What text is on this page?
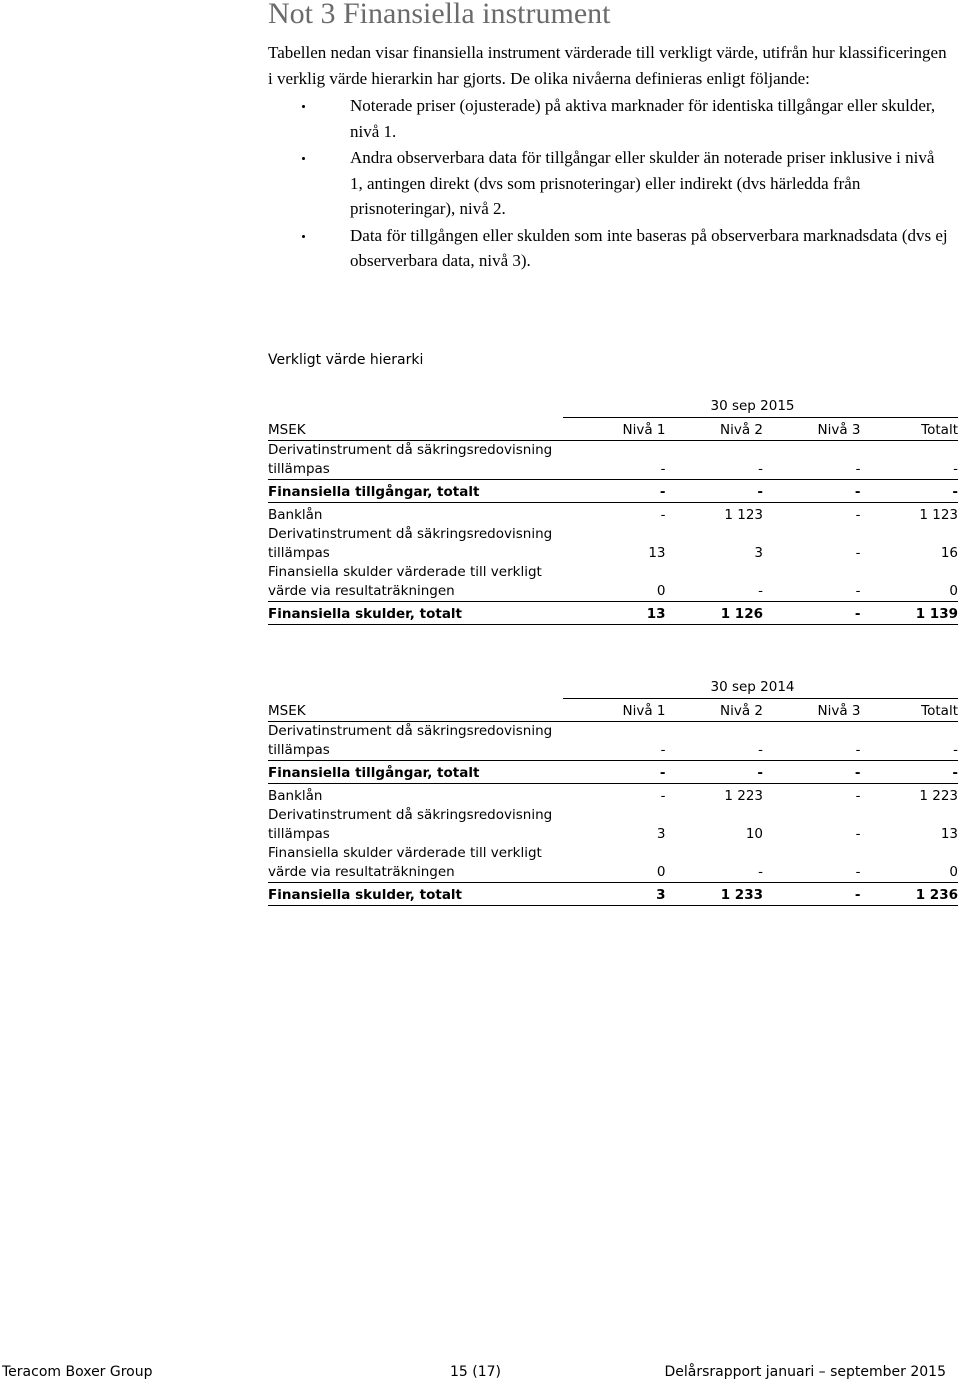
Not 3 Finansiella instrument

Tabellen nedan visar finansiella instrument värderade till verkligt värde, utifrån hur klassificeringen i verklig värde hierarkin har gjorts. De olika nivåerna definieras enligt följande:

Noterade priser (ojusterade) på aktiva marknader för identiska tillgångar eller skulder, nivå 1.
Andra observerbara data för tillgångar eller skulder än noterade priser inklusive i nivå 1, antingen direkt (dvs som prisnoteringar) eller indirekt (dvs härledda från prisnoteringar), nivå 2.
Data för tillgången eller skulden som inte baseras på observerbara marknadsdata (dvs ej observerbara data, nivå 3).
Verkligt värde hierarki
30 sep 2015
MSEK	Nivå 1	Nivå 2	Nivå 3	Totalt
Derivatinstrument då säkringsredovisning tillämpas	-	-	-	-
Finansiella tillgångar, totalt	-	-	-	-
Banklån	-	1 123	-	1 123
Derivatinstrument då säkringsredovisning tillämpas	13	3	-	16
Finansiella skulder värderade till verkligt värde via resultaträkningen	0	-	-	0
Finansiella skulder, totalt	13	1 126	-	1 139
30 sep 2014
MSEK	Nivå 1	Nivå 2	Nivå 3	Totalt
Derivatinstrument då säkringsredovisning tillämpas	-	-	-	-
Finansiella tillgångar, totalt	-	-	-	-
Banklån	-	1 223	-	1 223
Derivatinstrument då säkringsredovisning tillämpas	3	10	-	13
Finansiella skulder värderade till verkligt värde via resultaträkningen	0	-	-	0
Finansiella skulder, totalt	3	1 233	-	1 236
Teracom Boxer Group	15 (17)	Delårsrapport januari – september 2015
